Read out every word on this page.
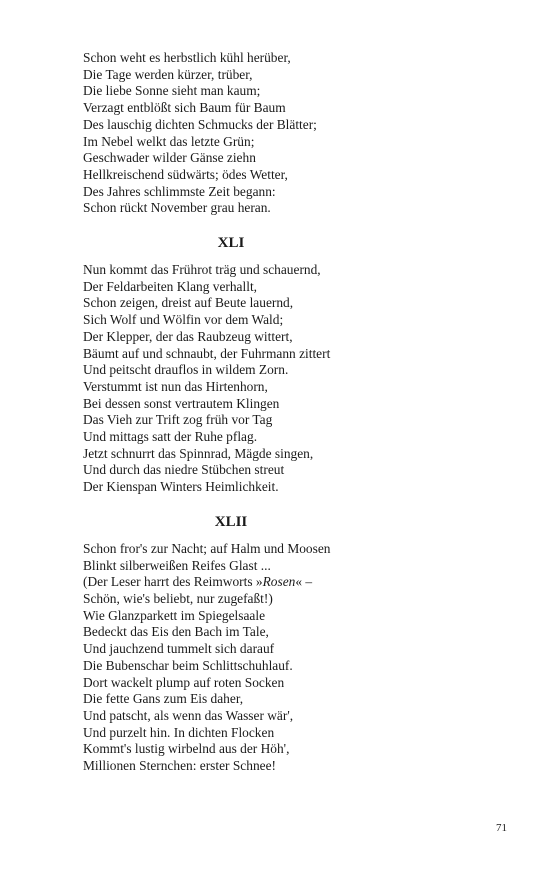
Schon weht es herbstlich kühl herüber,
Die Tage werden kürzer, trüber,
Die liebe Sonne sieht man kaum;
Verzagt entblößt sich Baum für Baum
Des lauschig dichten Schmucks der Blätter;
Im Nebel welkt das letzte Grün;
Geschwader wilder Gänse ziehn
Hellkreischend südwärts; ödes Wetter,
Des Jahres schlimmste Zeit begann:
Schon rückt November grau heran.
XLI
Nun kommt das Frührot träg und schauernd,
Der Feldarbeiten Klang verhallt,
Schon zeigen, dreist auf Beute lauernd,
Sich Wolf und Wölfin vor dem Wald;
Der Klepper, der das Raubzeug wittert,
Bäumt auf und schnaubt, der Fuhrmann zittert
Und peitscht drauflos in wildem Zorn.
Verstummt ist nun das Hirtenhorn,
Bei dessen sonst vertrautem Klingen
Das Vieh zur Trift zog früh vor Tag
Und mittags satt der Ruhe pflag.
Jetzt schnurrt das Spinnrad, Mägde singen,
Und durch das niedre Stübchen streut
Der Kienspan Winters Heimlichkeit.
XLII
Schon fror's zur Nacht; auf Halm und Moosen
Blinkt silberweißen Reifes Glast ...
(Der Leser harrt des Reimworts »Rosen« –
Schön, wie's beliebt, nur zugefaßt!)
Wie Glanzparkett im Spiegelsaale
Bedeckt das Eis den Bach im Tale,
Und jauchzend tummelt sich darauf
Die Bubenschar beim Schlittschuhlauf.
Dort wackelt plump auf roten Socken
Die fette Gans zum Eis daher,
Und patscht, als wenn das Wasser wär',
Und purzelt hin. In dichten Flocken
Kommt's lustig wirbelnd aus der Höh',
Millionen Sternchen: erster Schnee!
71
